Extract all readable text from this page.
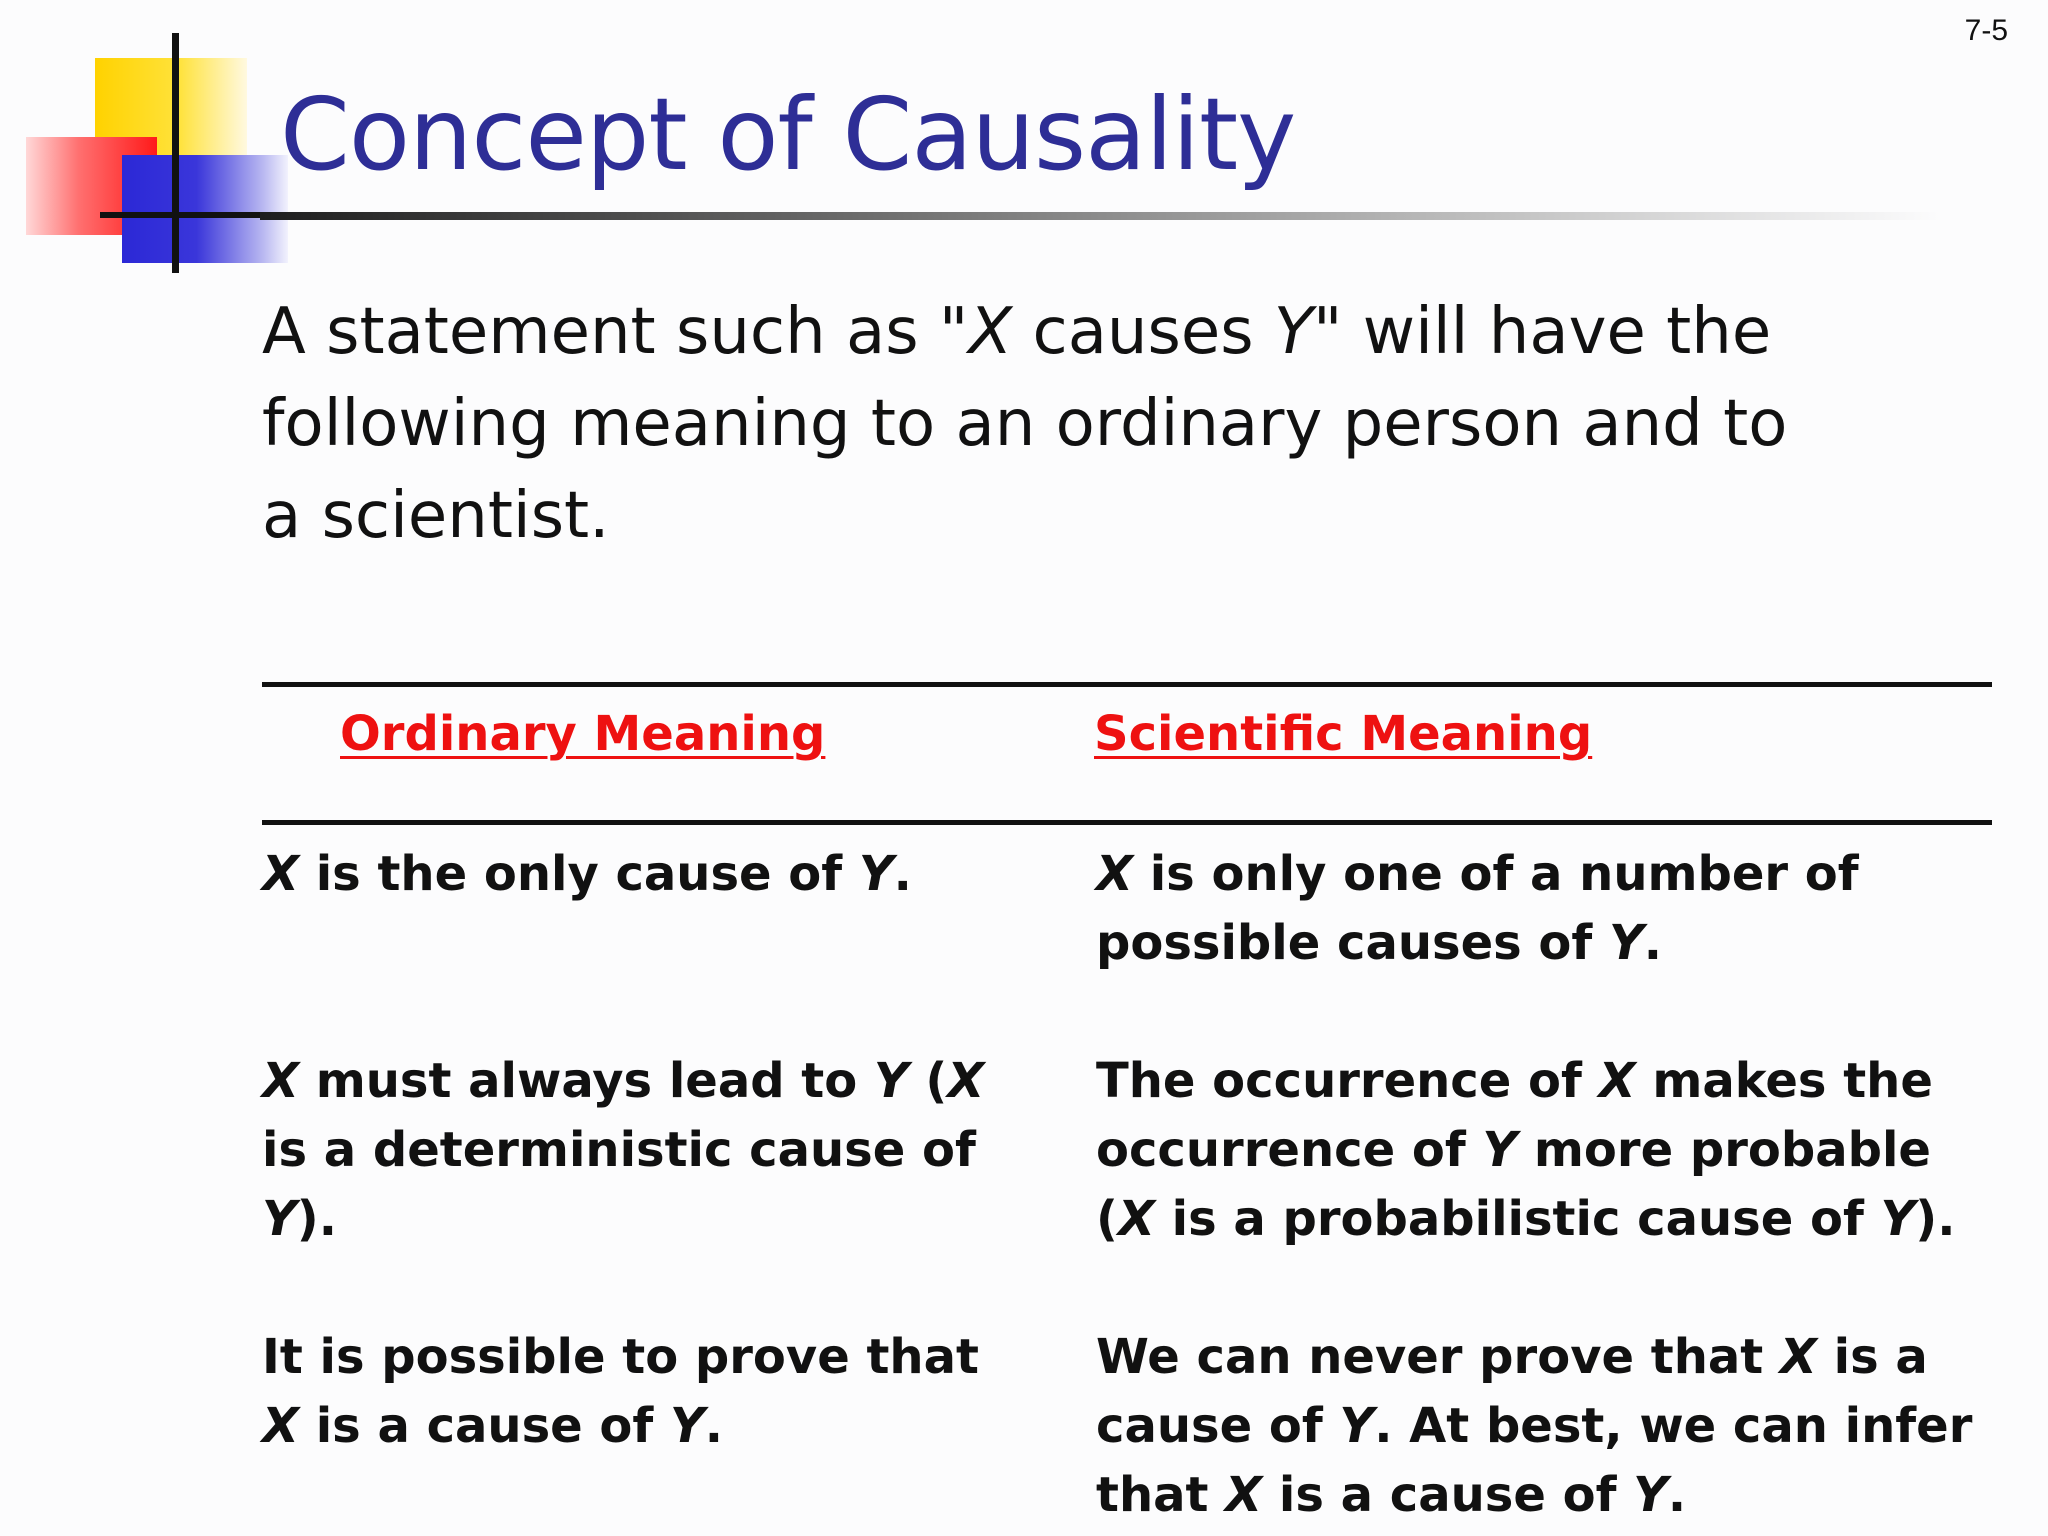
7-5
Concept of Causality

A statement such as "X causes Y" will have the following meaning to an ordinary person and to a scientist.

Ordinary Meaning	Scientific Meaning
X is the only cause of Y.	X is only one of a number of possible causes of Y.
X must always lead to Y (X is a deterministic cause of Y).
The occurrence of X makes the occurrence of Y more probable (X is a probabilistic cause of Y).
It is possible to prove that X is a cause of Y.
We can never prove that X is a cause of Y. At best, we can infer that X is a cause of Y.
